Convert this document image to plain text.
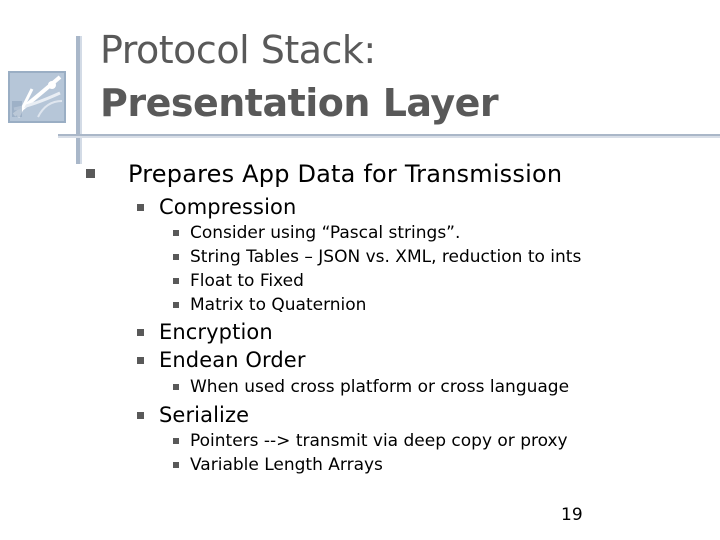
Protocol Stack:
Presentation Layer
Prepares App Data for Transmission
Compression
Consider using “Pascal strings”.
String Tables – JSON vs. XML, reduction to ints
Float to Fixed
Matrix to Quaternion
Encryption
Endean Order
When used cross platform or cross language
Serialize
Pointers --> transmit via deep copy or proxy
Variable Length Arrays
19
